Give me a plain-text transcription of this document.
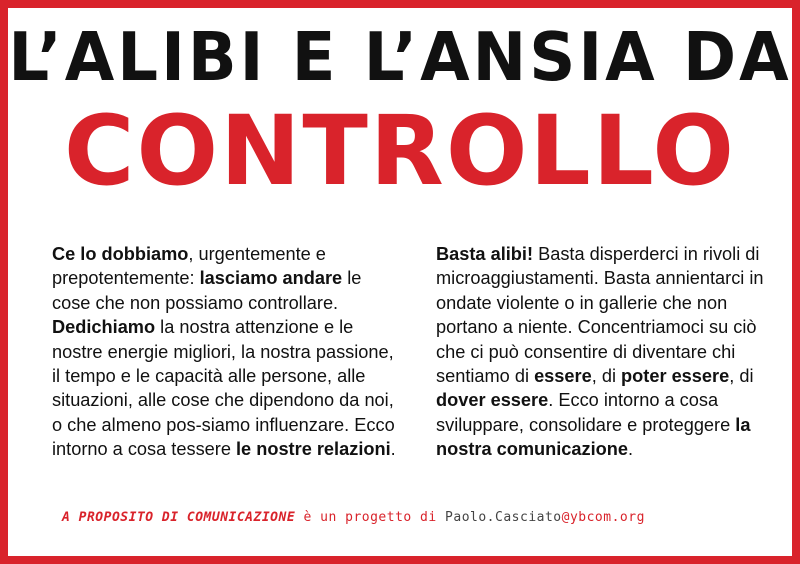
L’ALIBI E L’ANSIA DA
CONTROLLO
Ce lo dobbiamo, urgentemente e prepotentemente: lasciamo andare le cose che non possiamo controllare. Dedichiamo la nostra attenzione e le nostre energie migliori, la nostra passione, il tempo e le capacità alle persone, alle situazioni, alle cose che dipendono da noi, o che almeno pos-siamo influenzare. Ecco intorno a cosa tessere le nostre relazioni.
Basta alibi! Basta disperderci in rivoli di microaggiustamenti. Basta annientarci in ondate violente o in gallerie che non portano a niente. Concentriamoci su ciò che ci può consentire di diventare chi sentiamo di essere, di poter essere, di dover essere. Ecco intorno a cosa sviluppare, consolidare e proteggere la nostra comunicazione.
A PROPOSITO DI COMUNICAZIONE è un progetto di Paolo.Casciato@ybcom.org
